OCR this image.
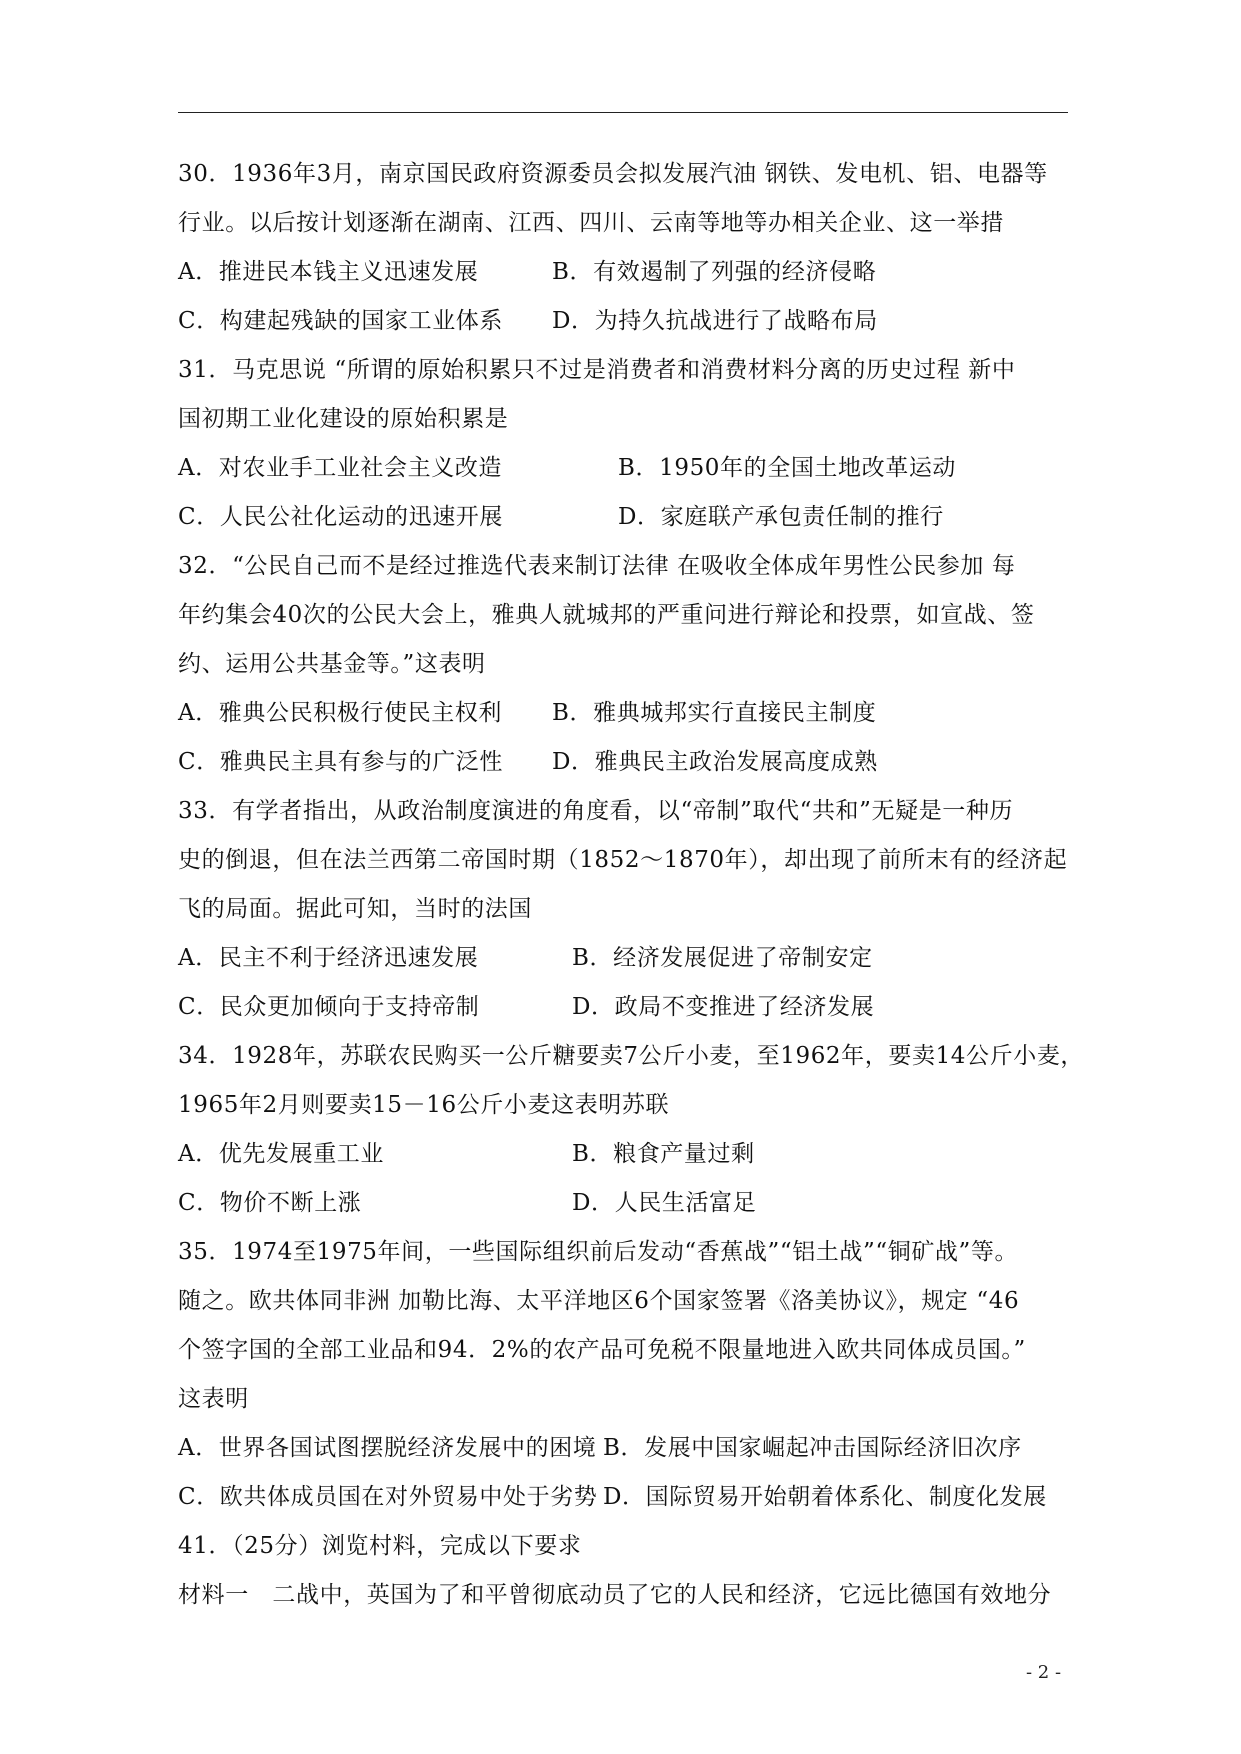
30．1936年3月，南京国民政府资源委员会拟发展汽油 钢铁、发电机、铝、电器等
行业。以后按计划逐渐在湖南、江西、四川、云南等地等办相关企业、这一举措
A．推进民本钱主义迅速发展	B．有效遏制了列强的经济侵略
C．构建起残缺的国家工业体系	D．为持久抗战进行了战略布局
31．马克思说 “所谓的原始积累只不过是消费者和消费材料分离的历史过程 新中
国初期工业化建设的原始积累是
A．对农业手工业社会主义改造	B．1950年的全国土地改革运动
C．人民公社化运动的迅速开展	D．家庭联产承包责任制的推行
32．“公民自己而不是经过推选代表来制订法律 在吸收全体成年男性公民参加 每
年约集会40次的公民大会上，雅典人就城邦的严重问进行辩论和投票，如宣战、签
约、运用公共基金等。”这表明
A．雅典公民积极行使民主权利	B．雅典城邦实行直接民主制度
C．雅典民主具有参与的广泛性	D．雅典民主政治发展高度成熟
33．有学者指出，从政治制度演进的角度看，以“帝制”取代“共和”无疑是一种历
史的倒退，但在法兰西第二帝国时期（1852～1870年），却出现了前所末有的经济起
飞的局面。据此可知，当时的法国
A．民主不利于经济迅速发展	B．经济发展促进了帝制安定
C．民众更加倾向于支持帝制	D．政局不变推进了经济发展
34．1928年，苏联农民购买一公斤糖要卖7公斤小麦，至1962年，要卖14公斤小麦，
1965年2月则要卖15－16公斤小麦这表明苏联
A．优先发展重工业	B．粮食产量过剩
C．物价不断上涨	D．人民生活富足
35．1974至1975年间，一些国际组织前后发动“香蕉战”“铝土战”“铜矿战”等。
随之。欧共体同非洲 加勒比海、太平洋地区6个国家签署《洛美协议》，规定 “46
个签字国的全部工业品和94．2%的农产品可免税不限量地进入欧共同体成员国。”
这表明
A．世界各国试图摆脱经济发展中的困境 B．发展中国家崛起冲击国际经济旧次序
C．欧共体成员国在对外贸易中处于劣势 D．国际贸易开始朝着体系化、制度化发展
41．（25分）浏览村料，完成以下要求
材料一　二战中，英国为了和平曾彻底动员了它的人民和经济，它远比德国有效地分
- 2 -
